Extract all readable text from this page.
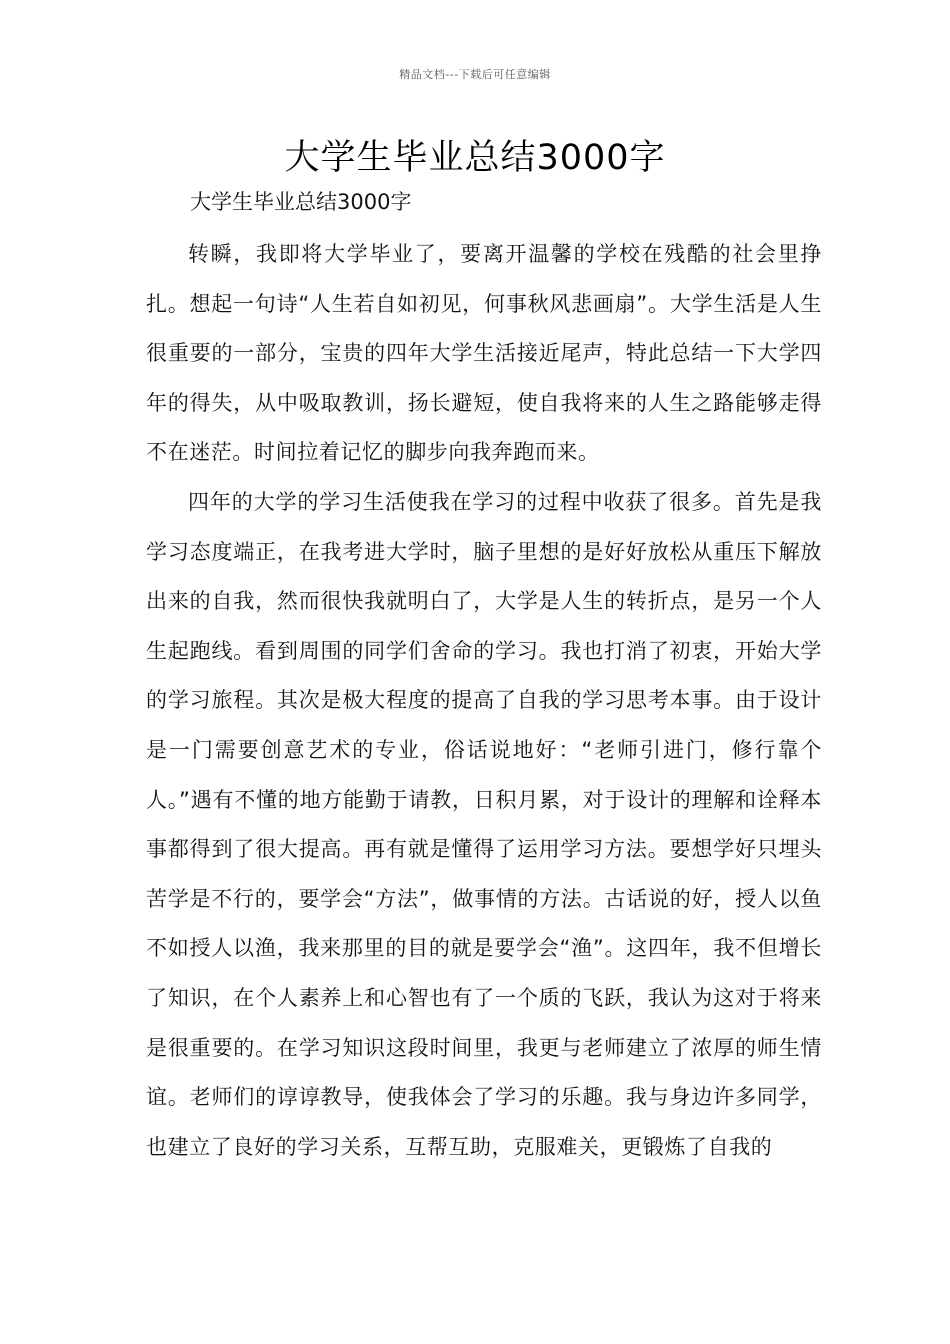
精品文档---下载后可任意编辑
大学生毕业总结3000字
大学生毕业总结3000字

转瞬，我即将大学毕业了，要离开温馨的学校在残酷的社会里挣扎。想起一句诗“人生若自如初见，何事秋风悲画扇”。大学生活是人生很重要的一部分，宝贵的四年大学生活接近尾声，特此总结一下大学四年的得失，从中吸取教训，扬长避短，使自我将来的人生之路能够走得不在迷茫。时间拉着记忆的脚步向我奔跑而来。

四年的大学的学习生活使我在学习的过程中收获了很多。首先是我学习态度端正，在我考进大学时，脑子里想的是好好放松从重压下解放出来的自我，然而很快我就明白了，大学是人生的转折点，是另一个人生起跑线。看到周围的同学们舍命的学习。我也打消了初衷，开始大学的学习旅程。其次是极大程度的提高了自我的学习思考本事。由于设计是一门需要创意艺术的专业，俗话说地好：“老师引进门，修行靠个人。”遇有不懂的地方能勤于请教，日积月累，对于设计的理解和诠释本事都得到了很大提高。再有就是懂得了运用学习方法。要想学好只埋头苦学是不行的，要学会“方法”，做事情的方法。古话说的好，授人以鱼不如授人以渔，我来那里的目的就是要学会“渔”。这四年，我不但增长了知识，在个人素养上和心智也有了一个质的飞跃，我认为这对于将来是很重要的。在学习知识这段时间里，我更与老师建立了浓厚的师生情谊。老师们的谆谆教导，使我体会了学习的乐趣。我与身边许多同学，也建立了良好的学习关系，互帮互助，克服难关，更锻炼了自我的
